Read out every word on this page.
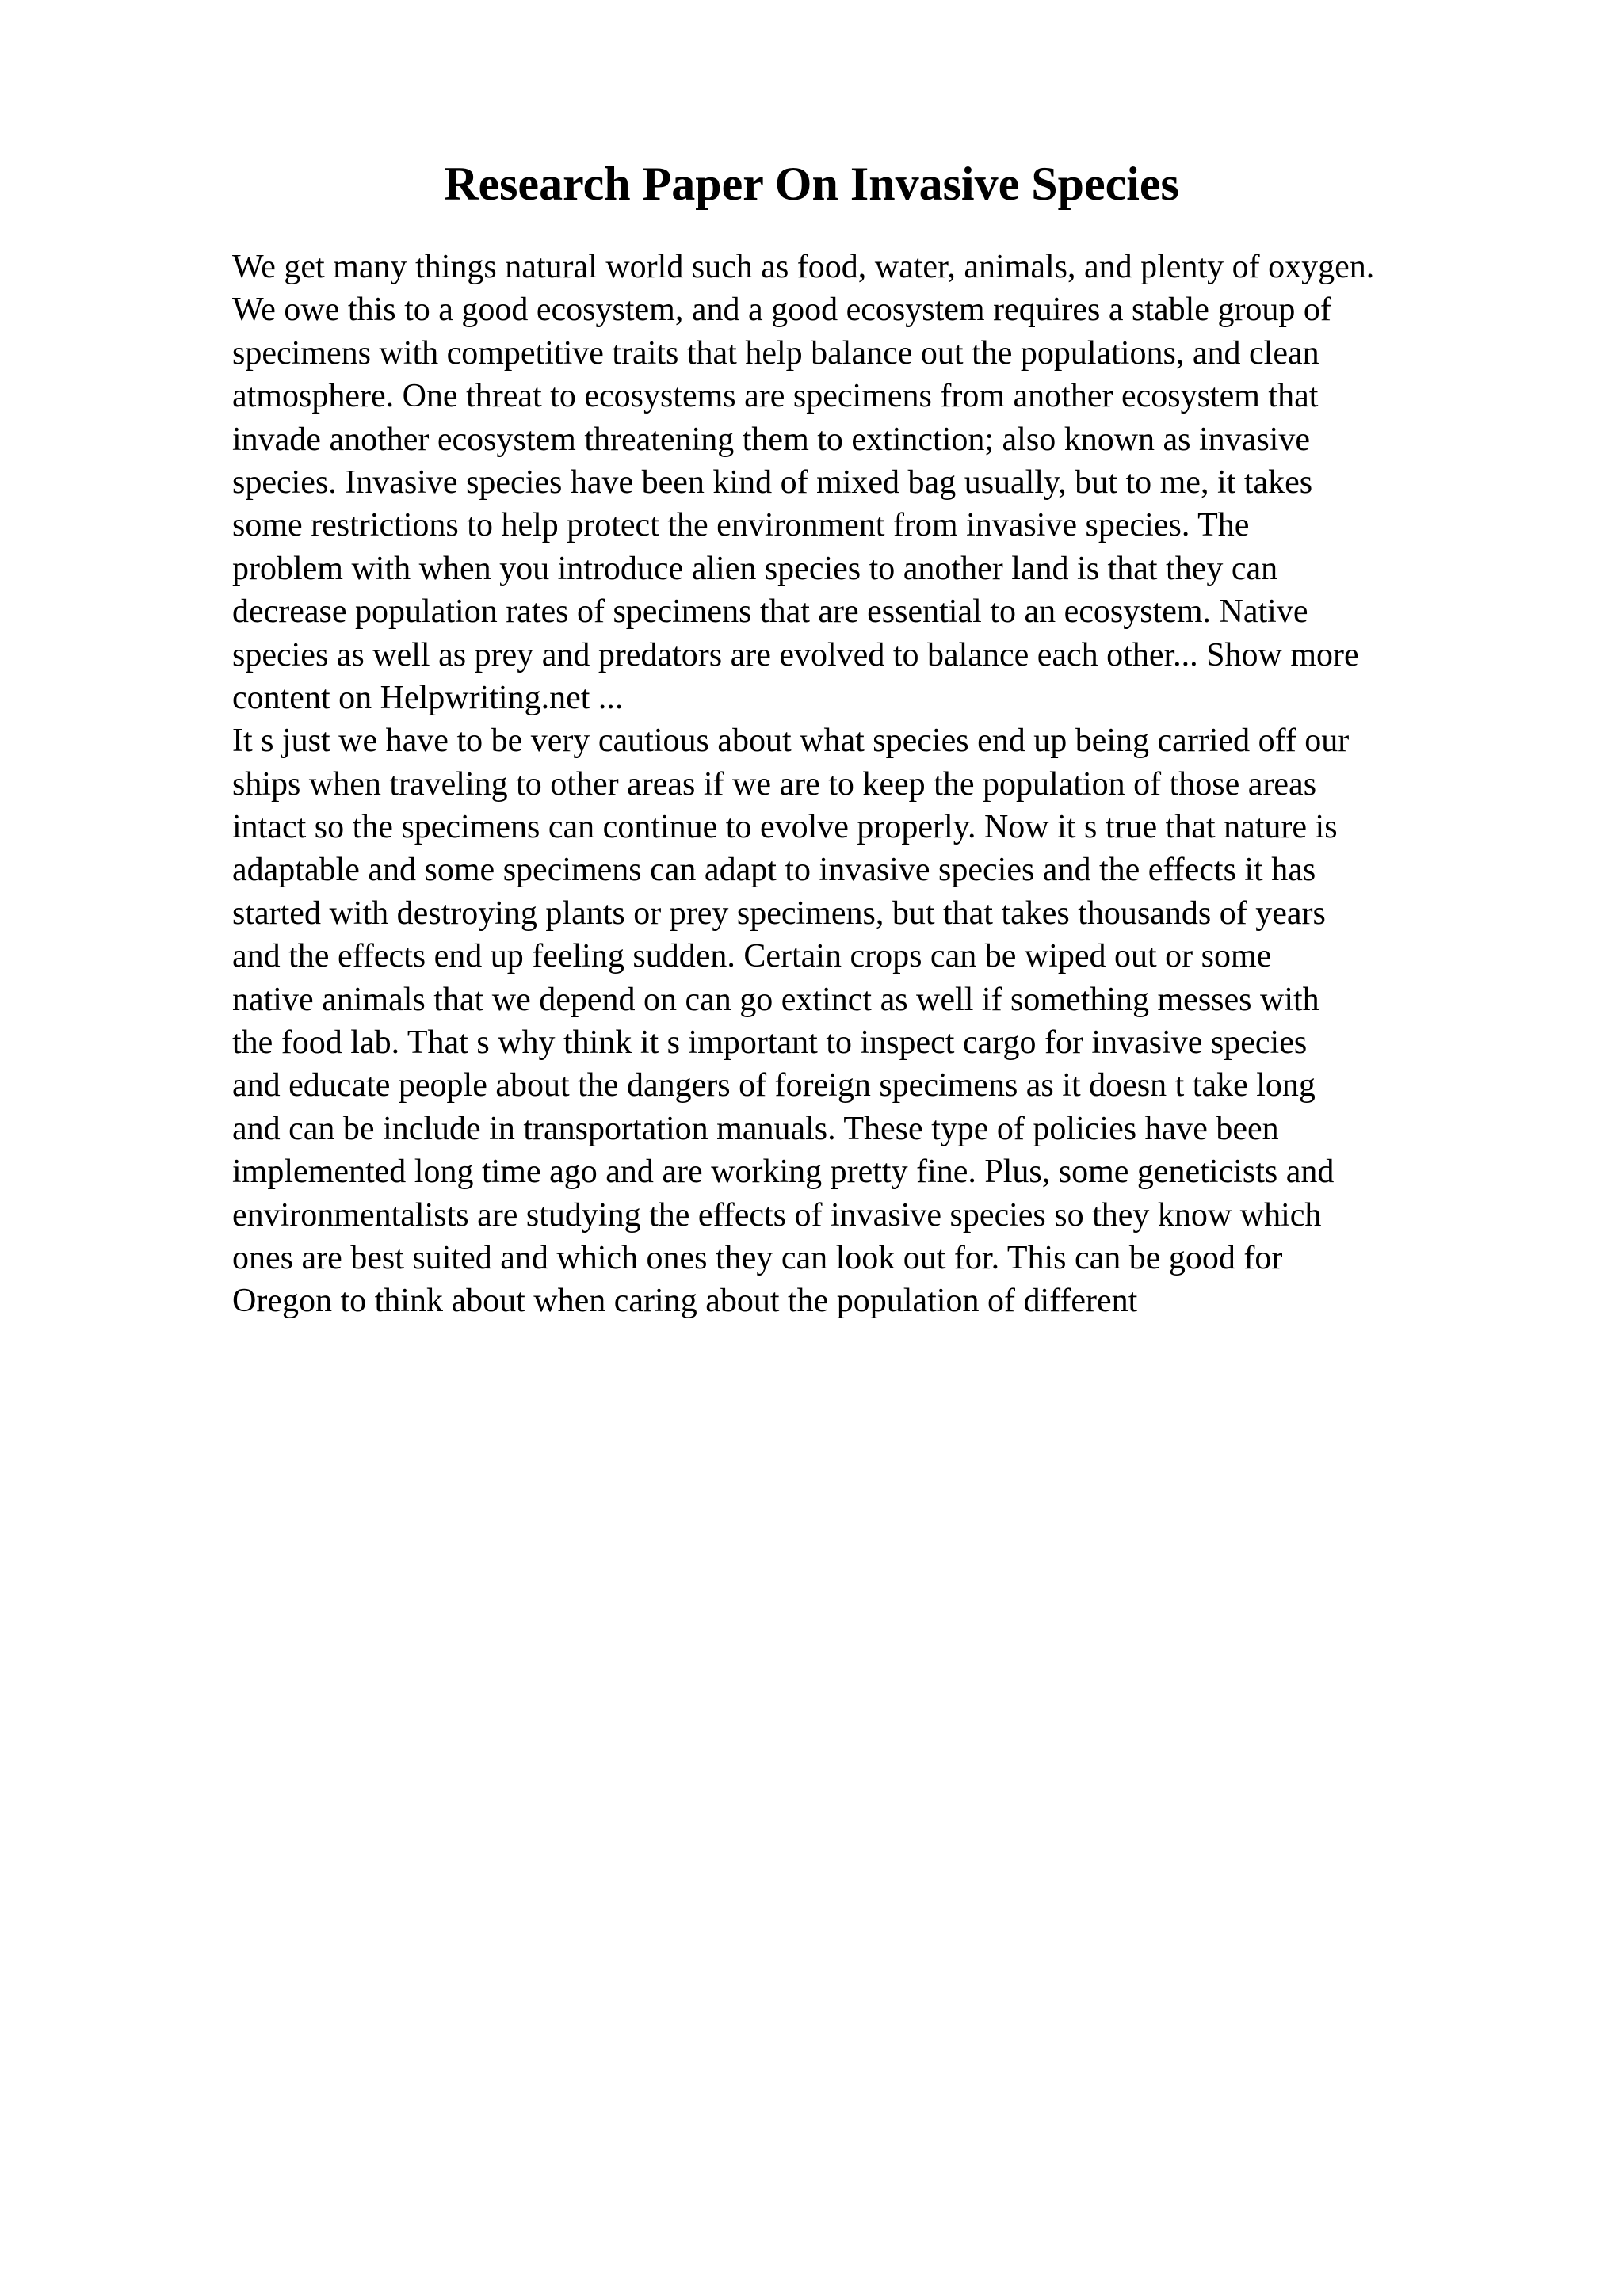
Research Paper On Invasive Species
We get many things natural world such as food, water, animals, and plenty of oxygen.
We owe this to a good ecosystem, and a good ecosystem requires a stable group of
specimens with competitive traits that help balance out the populations, and clean
atmosphere. One threat to ecosystems are specimens from another ecosystem that
invade another ecosystem threatening them to extinction; also known as invasive
species. Invasive species have been kind of mixed bag usually, but to me, it takes
some restrictions to help protect the environment from invasive species. The
problem with when you introduce alien species to another land is that they can
decrease population rates of specimens that are essential to an ecosystem. Native
species as well as prey and predators are evolved to balance each other... Show more
content on Helpwriting.net ...
It s just we have to be very cautious about what species end up being carried off our
ships when traveling to other areas if we are to keep the population of those areas
intact so the specimens can continue to evolve properly. Now it s true that nature is
adaptable and some specimens can adapt to invasive species and the effects it has
started with destroying plants or prey specimens, but that takes thousands of years
and the effects end up feeling sudden. Certain crops can be wiped out or some
native animals that we depend on can go extinct as well if something messes with
the food lab. That s why think it s important to inspect cargo for invasive species
and educate people about the dangers of foreign specimens as it doesn t take long
and can be include in transportation manuals. These type of policies have been
implemented long time ago and are working pretty fine. Plus, some geneticists and
environmentalists are studying the effects of invasive species so they know which
ones are best suited and which ones they can look out for. This can be good for
Oregon to think about when caring about the population of different
